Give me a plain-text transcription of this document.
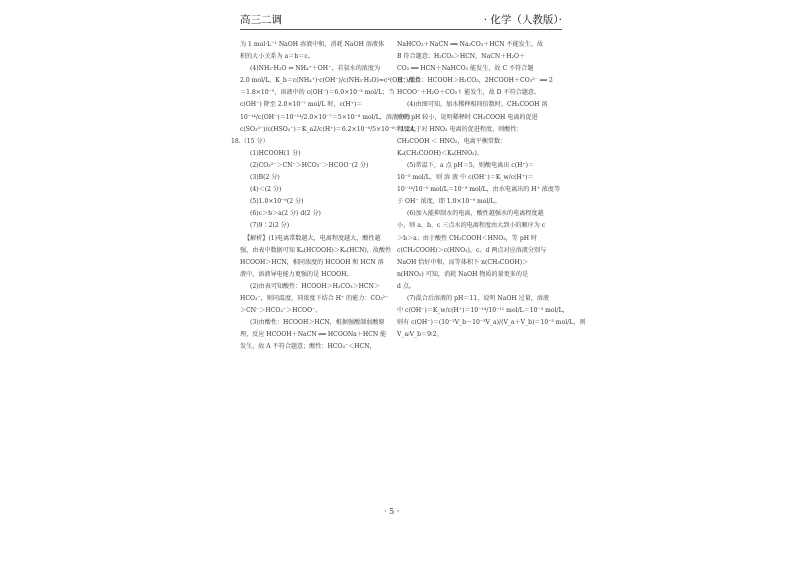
高三二调	· 化学（人教版）·
为 1 mol·L⁻¹ NaOH 溶液中和，消耗 NaOH 溶液体
积的大小关系为 a＝b＝c。
(4)NH₃·H₂O ⇌ NH₄⁺＋OH⁻，若氨水的浓度为
2.0 mol/L，K_b＝c(NH₄⁺)·c(OH⁻)/c(NH₃·H₂O)≈c²(OH⁻)/2.0
＝1.8×10⁻⁵，溶液中的 c(OH⁻)＝6.0×10⁻³ mol/L；当
c(OH⁻) 降至 2.0×10⁻⁷ mol/L 时，c(H⁺)＝
10⁻¹⁴/c(OH⁻)＝10⁻¹⁴/2.0×10⁻⁷＝5×10⁻⁸ mol/L，溶液中的
c(SO₃²⁻)/c(HSO₃⁻)＝K_a2/c(H⁺)＝6.2×10⁻⁸/5×10⁻⁸＝1.24。
18.（15 分）
(1)HCOOH(1 分)
(2)CO₃²⁻＞CN⁻＞HCO₃⁻＞HCOO⁻(2 分)
(3)B(2 分)
(4)＜(2 分)
(5)1.0×10⁻⁹(2 分)
(6)c＞b＞a(2 分) d(2 分)
(7)9∶2(2 分)
【解析】(1)电离常数越大，电离程度越大，酸性越
强，由表中数据可知 Kₐ(HCOOH)＞Kₐ(HCN)，故酸性
HCOOH＞HCN，相同浓度的 HCOOH 和 HCN 溶
液中，溶液导电能力更强的是 HCOOH。
(2)由表可知酸性：HCOOH＞H₂CO₃＞HCN＞
HCO₃⁻，则同温度，同浓度下结合 H⁺ 的能力：CO₃²⁻
＞CN⁻＞HCO₃⁻＞HCOO⁻。
(3)由酸性：HCOOH＞HCN，根据强酸制弱酸原
理，反应 HCOOH＋NaCN ══ HCOONa＋HCN 能
发生，故 A 不符合题意；酸性：HCO₃⁻＜HCN，
NaHCO₃＋NaCN ══ Na₂CO₃＋HCN 不能发生，故
B 符合题意；H₂CO₃＞HCN，NaCN＋H₂O＋
CO₂ ══ HCN＋NaHCO₃ 能发生，故 C 不符合题
意；酸性：HCOOH＞H₂CO₃，2HCOOH＋CO₃²⁻ ══ 2
HCOO⁻＋H₂O＋CO₂↑ 能发生，故 D 不符合题意。
(4)由图可知，加水稀释相同倍数时，CH₃COOH 溶
液的 pH 较小，说明稀释时 CH₃COOH 电离的促进
程度大于对 HNO₂ 电离的促进程度，则酸性：
CH₃COOH ＜ HNO₂，电离平衡常数：
Kₐ(CH₃COOH)＜Kₐ(HNO₂)。
(5)常温下，a 点 pH＝5，则酸电离出 c(H⁺)＝
10⁻⁵ mol/L，则 溶 液 中 c(OH⁻)＝K_w/c(H⁺)＝
10⁻¹⁴/10⁻⁵ mol/L＝10⁻⁹ mol/L，由水电离出的 H⁺ 浓度等
于 OH⁻ 浓度，即 1.0×10⁻⁹ mol/L。
(6)加入能抑制水的电离，酸性越强水的电离程度越
小，则 a、b、c 三点水的电离程度由大到小的顺序为 c
＞b＞a；由于酸性 CH₃COOH＜HNO₂，等 pH 时
c(CH₃COOH)＞c(HNO₂)，c、d 两点对应溶液分别与
NaOH 恰好中和，而等体积下 n(CH₃COOH)＞
n(HNO₂) 可知，消耗 NaOH 物质的量更多的是
d 点。
(7)混合后溶液的 pH＝11，说明 NaOH 过量，溶液
中 c(OH⁻)＝K_w/c(H⁺)＝10⁻¹⁴/10⁻¹¹ mol/L＝10⁻³ mol/L，
则有 c(OH⁻)＝(10⁻²V_b－10⁻³V_a)/(V_a＋V_b)＝10⁻³ mol/L，则
V_a∶V_b＝9∶2。
· 5 ·
